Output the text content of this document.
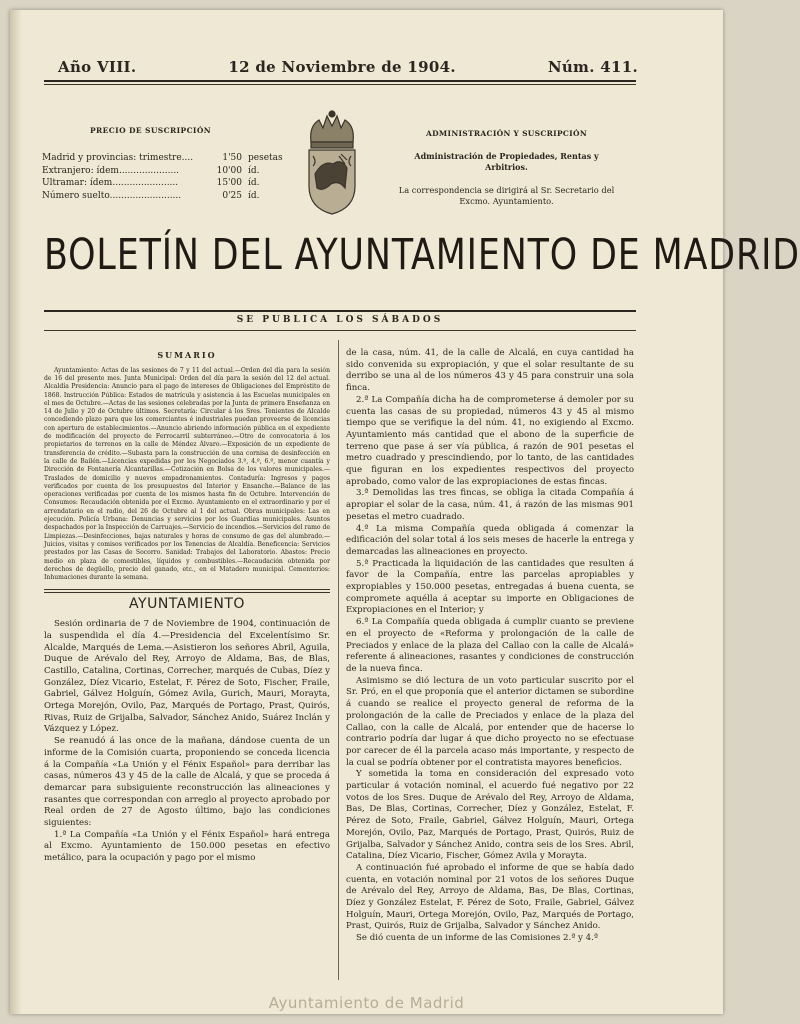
Año VIII.	12 de Noviembre de 1904.	Núm. 411.
PRECIO DE SUSCRIPCIÓN
Madrid y provincias: trimestre....	1'50 pesetas
Extranjero: ídem.....................	10'00 íd.
Ultramar: ídem.......................	15'00 íd.
Número suelto.........................	0'25 íd.
ADMINISTRACIÓN Y SUSCRIPCIÓN
Administración de Propiedades, Rentas y Arbitrios.
La correspondencia se dirigirá al Sr. Secretario del Excmo. Ayuntamiento.
BOLETÍN DEL AYUNTAMIENTO DE MADRID
SE PUBLICA LOS SÁBADOS
SUMARIO

Ayuntamiento: Actas de las sesiones de 7 y 11 del actual.—Orden del día para la sesión de 16 del presente mes. Junta Municipal: Orden del día para la sesión del 12 del actual. Alcaldía Presidencia: Anuncio para el pago de intereses de Obligaciones del Empréstito de 1868. Instrucción Pública: Estados de matrícula y asistencia á las Escuelas municipales en el mes de Octubre.—Actas de las sesiones celebradas por la Junta de primera Enseñanza en 14 de Julio y 20 de Octubre últimos. Secretaría: Circular á los Sres. Tenientes de Alcalde concediendo plazo para que los comerciantes é industriales puedan proveerse de licencias con apertura de establecimientos.—Anuncio abriendo información pública en el expediente de modificación del proyecto de Ferrocarril subterráneo.—Otro de convocatoria á los propietarios de terrenos en la calle de Méndez Álvaro.—Exposición de un expediente de transferencia de crédito.—Subasta para la construcción de una cornisa de desinfección en la calle de Bailén.—Licencias expedidas por los Negociados 3.º, 4.º, 6.º, menor cuantía y Dirección de Fontanería Alcantarillas.—Cotización en Bolsa de los valores municipales.—Traslados de domicilio y nuevos empadronamientos. Contaduría: Ingresos y pagos verificados por cuenta de los presupuestos del Interior y Ensanche.—Balance de las operaciones verificadas por cuenta de los mismos hasta fin de Octubre. Intervención de Consumos: Recaudación obtenida por el Excmo. Ayuntamiento en el extraordinario y por el arrendatario en el radio, del 26 de Octubre al 1 del actual. Obras municipales: Las en ejecución. Policía Urbana: Denuncias y servicios por los Guardias municipales. Asuntos despachados por la Inspección de Carruajes.—Servicio de incendios.—Servicios del ramo de Limpiezas.—Desinfecciones, bajas naturales y horas de consumo de gas del alumbrado.—Juicios, visitas y comisos verificados por los Tenencias de Alcaldía. Beneficencia: Servicios prestados por las Casas de Socorro. Sanidad: Trabajos del Laboratorio. Abastos: Precio medio en plaza de comestibles, líquidos y combustibles.—Recaudación obtenida por derechos de degüello, precio del ganado, etc., en el Matadero municipal. Cementerios: Inhumaciones durante la semana.

AYUNTAMIENTO

Sesión ordinaria de 7 de Noviembre de 1904, continuación de la suspendida el día 4.—Presidencia del Excelentísimo Sr. Alcalde, Marqués de Lema.—Asistieron los señores Abril, Aguila, Duque de Arévalo del Rey, Arroyo de Aldama, Bas, de Blas, Castillo, Catalina, Cortinas, Correcher, marqués de Cubas, Díez y González, Díez Vicario, Estelat, F. Pérez de Soto, Fischer, Fraile, Gabriel, Gálvez Holguín, Gómez Avila, Gurich, Mauri, Morayta, Ortega Morejón, Ovilo, Paz, Marqués de Portago, Prast, Quirós, Rivas, Ruiz de Grijalba, Salvador, Sánchez Anido, Suárez Inclán y Vázquez y López.

Se reanudó á las once de la mañana, dándose cuenta de un informe de la Comisión cuarta, proponiendo se conceda licencia á la Compañía «La Unión y el Fénix Español» para derribar las casas, números 43 y 45 de la calle de Alcalá, y que se proceda á demarcar para subsiguiente reconstrucción las alineaciones y rasantes que correspondan con arreglo al proyecto aprobado por Real orden de 27 de Agosto último, bajo las condiciones siguientes:

1.ª La Compañía «La Unión y el Fénix Español» hará entrega al Excmo. Ayuntamiento de 150.000 pesetas en efectivo metálico, para la ocupación y pago por el mismo

de la casa, núm. 41, de la calle de Alcalá, en cuya cantidad ha sido convenida su expropiación, y que el solar resultante de su derribo se una al de los números 43 y 45 para construir una sola finca.

2.ª La Compañía dicha ha de comprometerse á demoler por su cuenta las casas de su propiedad, números 43 y 45 al mismo tiempo que se verifique la del núm. 41, no exigiendo al Excmo. Ayuntamiento más cantidad que el abono de la superficie de terreno que pase á ser vía pública, á razón de 901 pesetas el metro cuadrado y prescindiendo, por lo tanto, de las cantidades que figuran en los expedientes respectivos del proyecto aprobado, como valor de las expropiaciones de estas fincas.

3.ª Demolidas las tres fincas, se obliga la citada Compañía á apropiar el solar de la casa, núm. 41, á razón de las mismas 901 pesetas el metro cuadrado.

4.ª La misma Compañía queda obligada á comenzar la edificación del solar total á los seis meses de hacerle la entrega y demarcadas las alineaciones en proyecto.

5.ª Practicada la liquidación de las cantidades que resulten á favor de la Compañía, entre las parcelas apropiables y expropiables y 150.000 pesetas, entregadas á buena cuenta, se compromete aquélla á aceptar su importe en Obligaciones de Expropiaciones en el Interior; y

6.ª La Compañía queda obligada á cumplir cuanto se previene en el proyecto de «Reforma y prolongación de la calle de Preciados y enlace de la plaza del Callao con la calle de Alcalá» referente á alineaciones, rasantes y condiciones de construcción de la nueva finca.

Asimismo se dió lectura de un voto particular suscrito por el Sr. Pró, en el que proponía que el anterior dictamen se subordine á cuando se realice el proyecto general de reforma de la prolongación de la calle de Preciados y enlace de la plaza del Callao, con la calle de Alcalá, por entender que de hacerse lo contrario podría dar lugar á que dicho proyecto no se efectuase por carecer de él la parcela acaso más importante, y respecto de la cual se podría obtener por el contratista mayores beneficios.

Y sometida la toma en consideración del expresado voto particular á votación nominal, el acuerdo fué negativo por 22 votos de los Sres. Duque de Arévalo del Rey, Arroyo de Aldama, Bas, De Blas, Cortinas, Correcher, Díez y González, Estelat, F. Pérez de Soto, Fraile, Gabriel, Gálvez Holguín, Mauri, Ortega Morejón, Ovilo, Paz, Marqués de Portago, Prast, Quirós, Ruiz de Grijalba, Salvador y Sánchez Anido, contra seis de los Sres. Abril, Catalina, Díez Vicario, Fischer, Gómez Avila y Morayta.

A continuación fué aprobado el informe de que se había dado cuenta, en votación nominal por 21 votos de los señores Duque de Arévalo del Rey, Arroyo de Aldama, Bas, De Blas, Cortinas, Díez y González Estelat, F. Pérez de Soto, Fraile, Gabriel, Gálvez Holguín, Mauri, Ortega Morejón, Ovilo, Paz, Marqués de Portago, Prast, Quirós, Ruiz de Grijalba, Salvador y Sánchez Anido.

Se dió cuenta de un informe de las Comisiones 2.ª y 4.ª

Ayuntamiento de Madrid
